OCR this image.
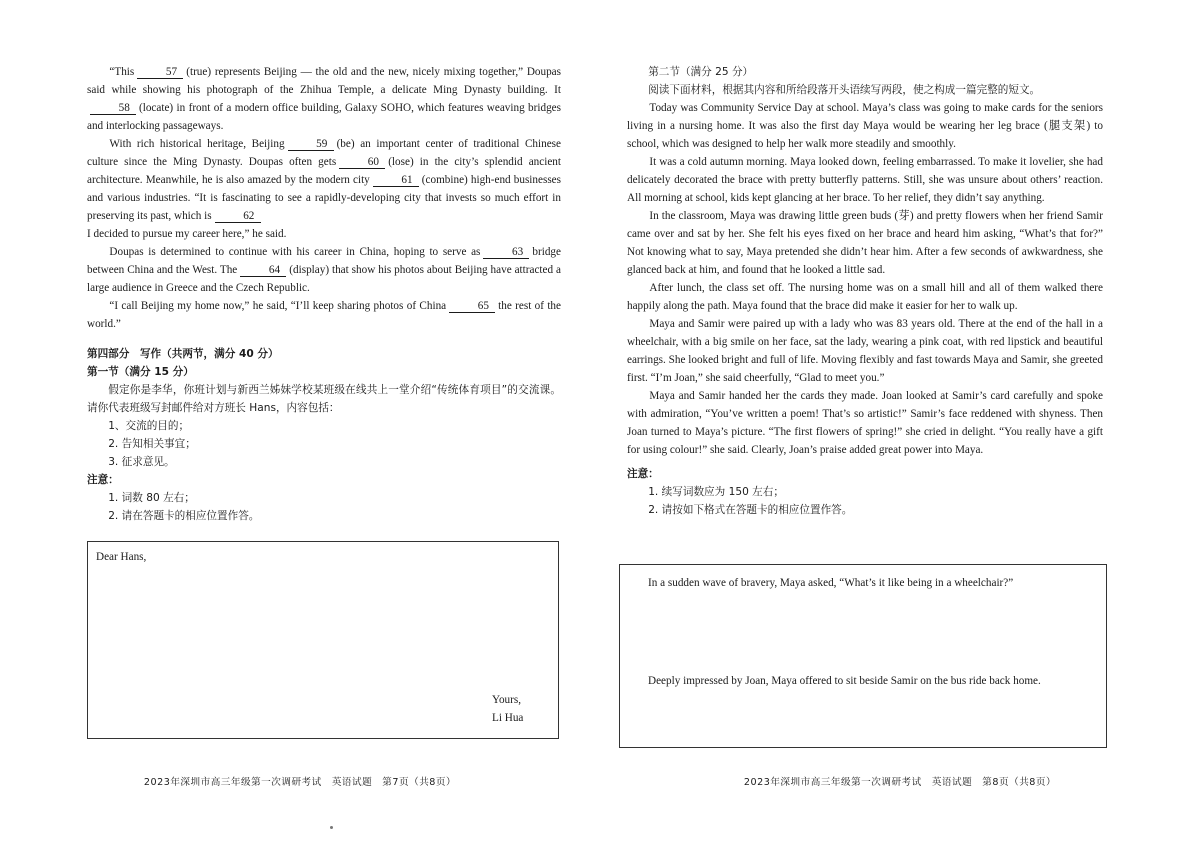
“This	57 (true) represents Beijing — the old and the new, nicely mixing together,” Doupas said while showing his photograph of the Zhihua Temple, a delicate Ming Dynasty building. It58 (locate) in front of a modern office building, Galaxy SOHO, which features weaving bridges and interlocking passageways.

With rich historical heritage, Beijing	59 (be) an important center of traditional Chinese culture since the Ming Dynasty. Doupas often gets	60 (lose) in the city’s splendid ancient architecture. Meanwhile, he is also amazed by the modern city	61 (combine) high-end businesses and various industries. “It is fascinating to see a rapidly-developing city that invests so much effort in preserving its past, which is	62
I decided to pursue my career here,” he said.

Doupas is determined to continue with his career in China, hoping to serve as	63 bridge between China and the West. The	64 (display) that show his photos about Beijing have attracted a large audience in Greece and the Czech Republic.

“I call Beijing my home now,” he said, “I’ll keep sharing photos of China	65 the rest of the world.”

第四部分　写作（共两节，满分 40 分）

第一节（满分 15 分）

假定你是李华，你班计划与新西兰姊妹学校某班级在线共上一堂介绍“传统体育项目”的交流课。请你代表班级写封邮件给对方班长 Hans，内容包括：

1、交流的目的；

2. 告知相关事宜；

3. 征求意见。

注意：

1. 词数 80 左右；

2. 请在答题卡的相应位置作答。

Dear Hans,
Yours,
Li Hua
2023年深圳市高三年级第一次调研考试　英语试题　第7页（共8页）

第二节（满分 25 分）

阅读下面材料，根据其内容和所给段落开头语续写两段，使之构成一篇完整的短文。

Today was Community Service Day at school. Maya’s class was going to make cards for the seniors living in a nursing home. It was also the first day Maya would be wearing her leg brace (腿支架) to school, which was designed to help her walk more steadily and smoothly.

It was a cold autumn morning. Maya looked down, feeling embarrassed. To make it lovelier, she had delicately decorated the brace with pretty butterfly patterns. Still, she was unsure about others’ reaction. All morning at school, kids kept glancing at her brace. To her relief, they didn’t say anything.

In the classroom, Maya was drawing little green buds (芽) and pretty flowers when her friend Samir came over and sat by her. She felt his eyes fixed on her brace and heard him asking, “What’s that for?” Not knowing what to say, Maya pretended she didn’t hear him. After a few seconds of awkwardness, she glanced back at him, and found that he looked a little sad.

After lunch, the class set off. The nursing home was on a small hill and all of them walked there happily along the path. Maya found that the brace did make it easier for her to walk up.

Maya and Samir were paired up with a lady who was 83 years old. There at the end of the hall in a wheelchair, with a big smile on her face, sat the lady, wearing a pink coat, with red lipstick and beautiful earrings. She looked bright and full of life. Moving flexibly and fast towards Maya and Samir, she greeted first. “I’m Joan,” she said cheerfully, “Glad to meet you.”

Maya and Samir handed her the cards they made. Joan looked at Samir’s card carefully and spoke with admiration, “You’ve written a poem! That’s so artistic!” Samir’s face reddened with shyness. Then Joan turned to Maya’s picture. “The first flowers of spring!” she cried in delight. “You really have a gift for using colour!” she said. Clearly, Joan’s praise added great power into Maya.

注意：

1. 续写词数应为 150 左右；

2. 请按如下格式在答题卡的相应位置作答。

In a sudden wave of bravery, Maya asked, “What’s it like being in a wheelchair?”
Deeply impressed by Joan, Maya offered to sit beside Samir on the bus ride back home.
2023年深圳市高三年级第一次调研考试　英语试题　第8页（共8页）
